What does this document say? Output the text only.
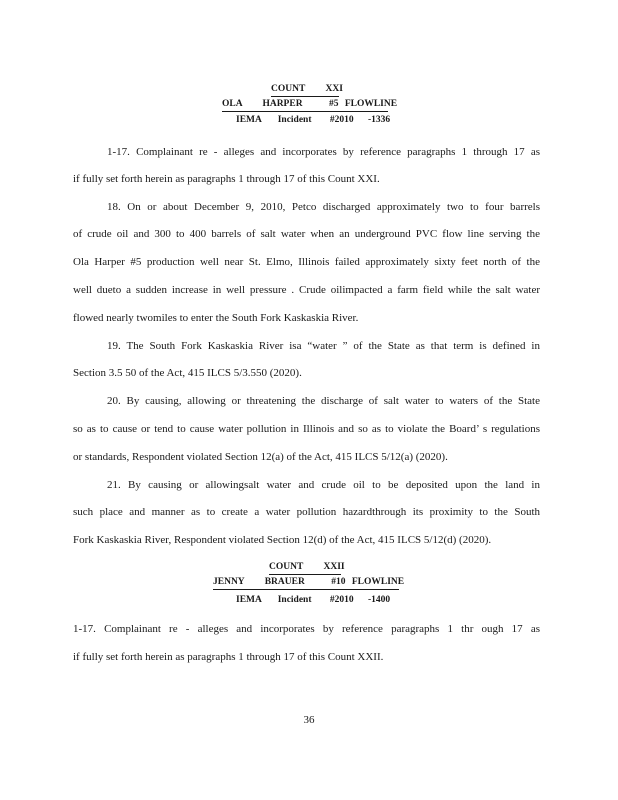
COUNT XXI
OLA HARPER	#5 FLOWLINE
IEMA Incident #2010 -1336
1-17. Complainant re - alleges and incorporates by reference paragraphs 1 through 17 as
if fully set forth herein as paragraphs 1 through 17 of this Count XXI.
18. On or about December 9, 2010, Petco discharged approximately two to four barrels
of crude oil and 300 to 400 barrels of salt water when an underground PVC flow line serving the
Ola Harper #5 production well near St. Elmo, Illinois failed approximately sixty feet north of the
well dueto a sudden increase in well pressure . Crude oilimpacted a farm field while the salt water
flowed nearly twomiles to enter the South Fork Kaskaskia River.
19. The South Fork Kaskaskia River isa “water ” of the State as that term is defined in
Section 3.5 50 of the Act, 415 ILCS 5/3.550 (2020).
20. By causing, allowing or threatening the discharge of salt water to waters of the State
so as to cause or tend to cause water pollution in Illinois and so as to violate the Board’ s regulations
or standards, Respondent violated Section 12(a) of the Act, 415 ILCS 5/12(a) (2020).
21. By causing or allowingsalt water and crude oil to be deposited upon the land in
such place and manner as to create a water pollution hazardthrough its proximity to the South
Fork Kaskaskia River, Respondent violated Section 12(d) of the Act, 415 ILCS 5/12(d) (2020).
COUNT XXII
JENNY BRAUER	#10 FLOWLINE
IEMA Incident #2010 -1400
1-17. Complainant re - alleges and incorporates by reference paragraphs 1 thr ough 17 as
if fully set forth herein as paragraphs 1 through 17 of this Count XXII.
36
